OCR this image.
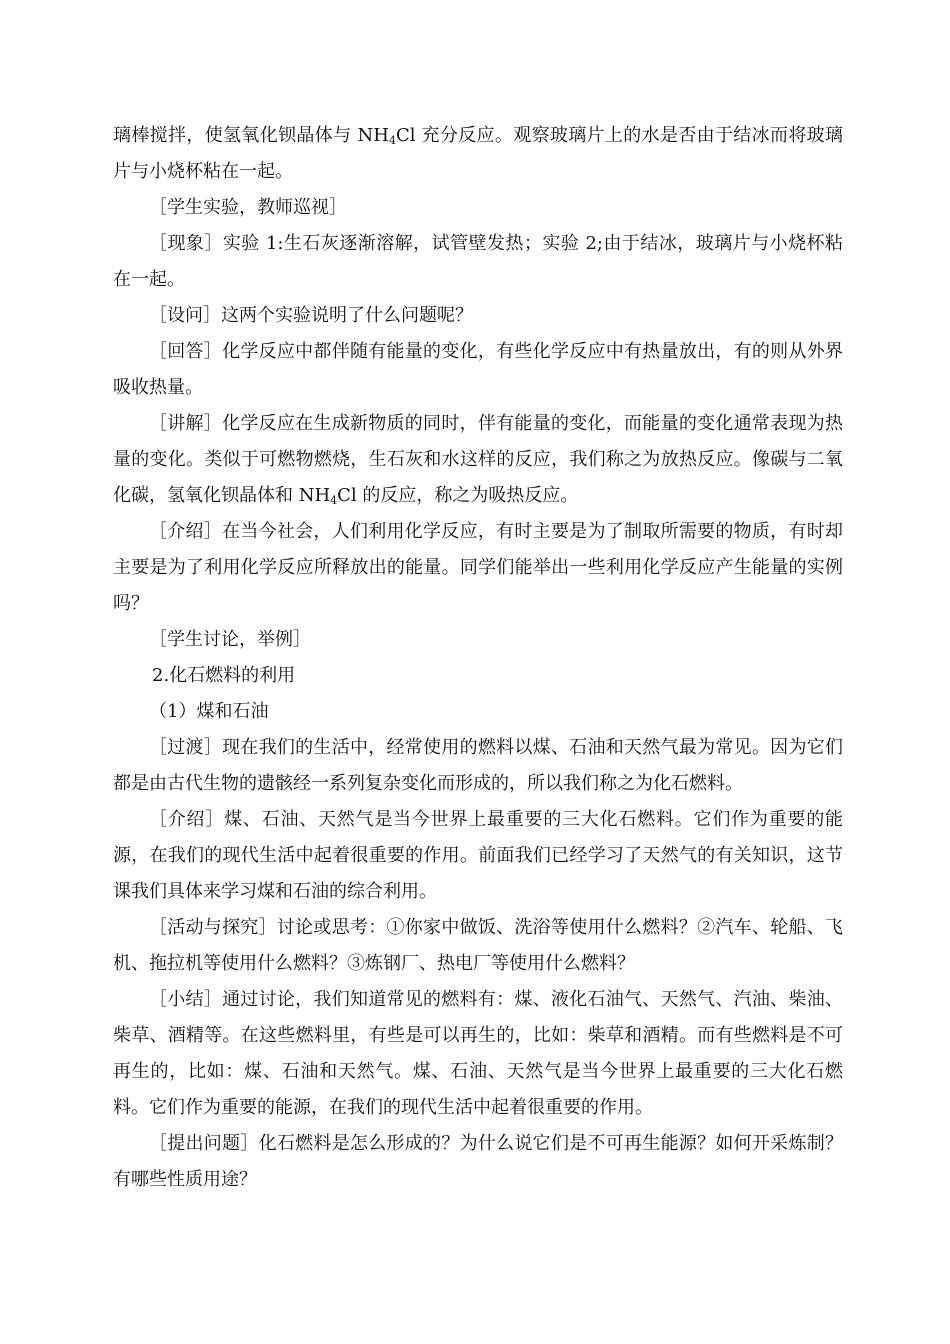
璃棒搅拌，使氢氧化钡晶体与 $NH_4Cl$ 充分反应。观察玻璃片上的水是否由于结冰而将玻璃片与小烧杯粘在一起。

［学生实验，教师巡视］

［现象］实验 1:生石灰逐渐溶解，试管壁发热；实验 2;由于结冰，玻璃片与小烧杯粘在一起。

［设问］这两个实验说明了什么问题呢？

［回答］化学反应中都伴随有能量的变化，有些化学反应中有热量放出，有的则从外界吸收热量。

［讲解］化学反应在生成新物质的同时，伴有能量的变化，而能量的变化通常表现为热量的变化。类似于可燃物燃烧，生石灰和水这样的反应，我们称之为放热反应。像碳与二氧化碳，氢氧化钡晶体和 $NH_4Cl$ 的反应，称之为吸热反应。

［介绍］在当今社会，人们利用化学反应，有时主要是为了制取所需要的物质，有时却主要是为了利用化学反应所释放出的能量。同学们能举出一些利用化学反应产生能量的实例吗？

［学生讨论，举例］

2.化石燃料的利用

（1）煤和石油

［过渡］现在我们的生活中，经常使用的燃料以煤、石油和天然气最为常见。因为它们都是由古代生物的遗骸经一系列复杂变化而形成的，所以我们称之为化石燃料。

［介绍］煤、石油、天然气是当今世界上最重要的三大化石燃料。它们作为重要的能源，在我们的现代生活中起着很重要的作用。前面我们已经学习了天然气的有关知识，这节课我们具体来学习煤和石油的综合利用。

［活动与探究］讨论或思考：①你家中做饭、洗浴等使用什么燃料？②汽车、轮船、飞机、拖拉机等使用什么燃料？③炼钢厂、热电厂等使用什么燃料？

［小结］通过讨论，我们知道常见的燃料有：煤、液化石油气、天然气、汽油、柴油、柴草、酒精等。在这些燃料里，有些是可以再生的，比如：柴草和酒精。而有些燃料是不可再生的，比如：煤、石油和天然气。煤、石油、天然气是当今世界上最重要的三大化石燃料。它们作为重要的能源，在我们的现代生活中起着很重要的作用。

［提出问题］化石燃料是怎么形成的？为什么说它们是不可再生能源？如何开采炼制？有哪些性质用途？
